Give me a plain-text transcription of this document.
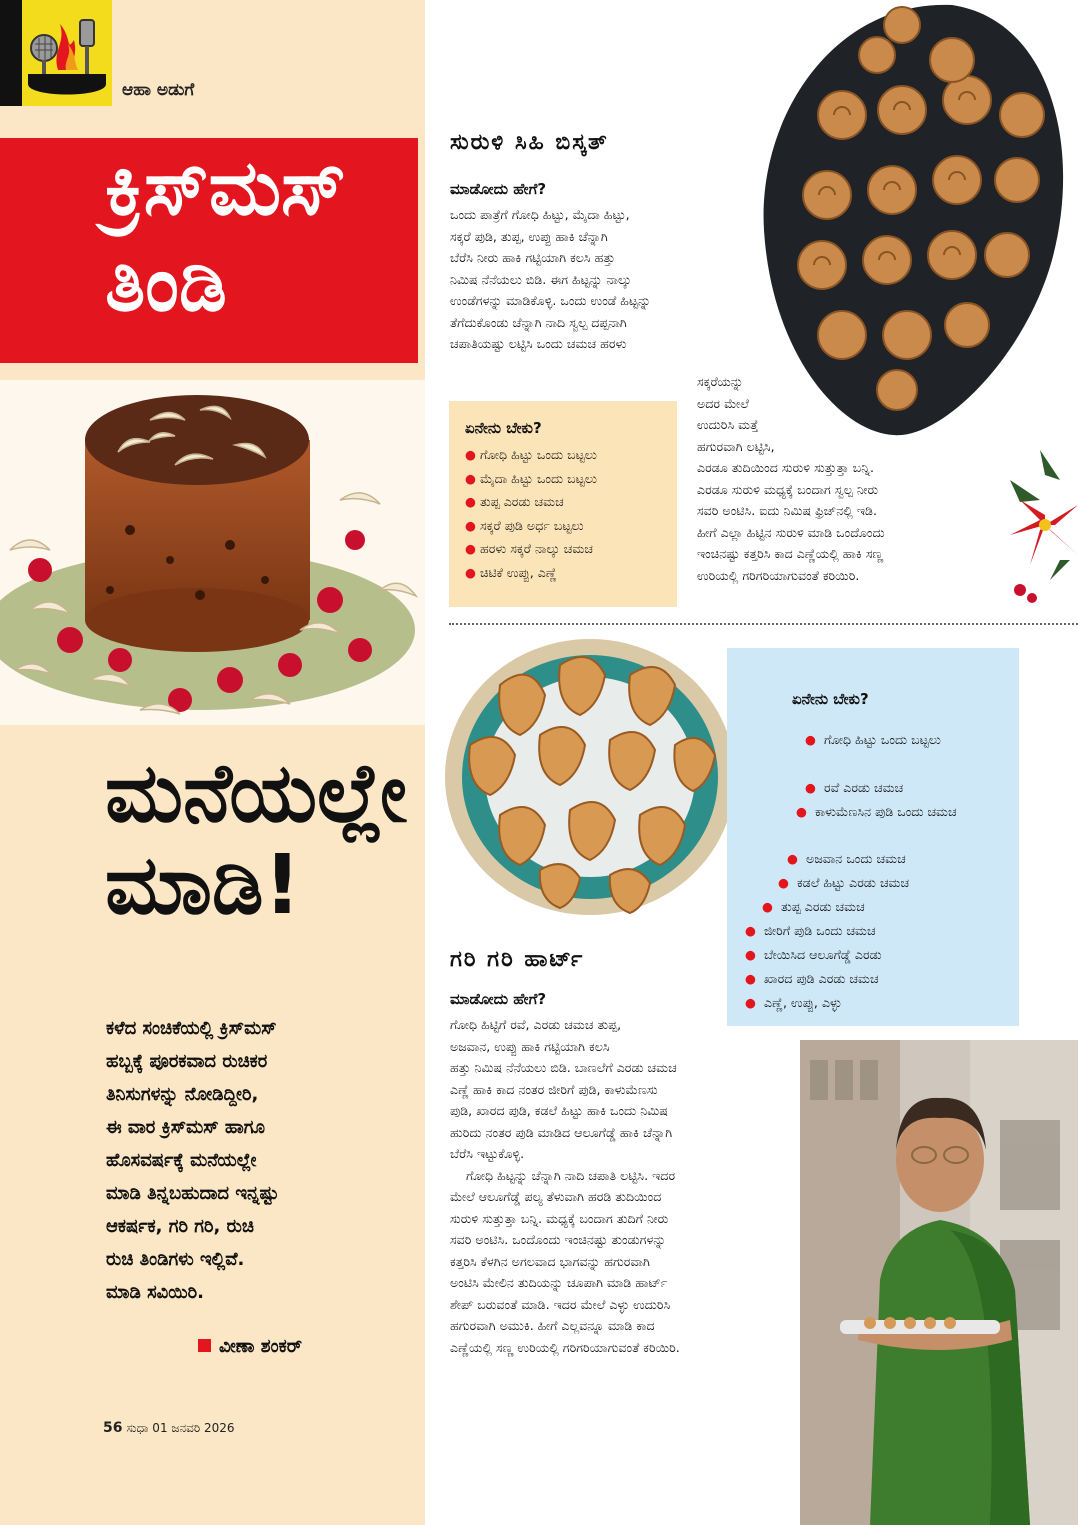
ಆಹಾ ಅಡುಗೆ
ಕ್ರಿಸ್‌ಮಸ್
ತಿಂಡಿ
ಮನೆಯಲ್ಲೇ
ಮಾಡಿ!
ಕಳೆದ ಸಂಚಿಕೆಯಲ್ಲಿ ಕ್ರಿಸ್‌ಮಸ್
ಹಬ್ಬಕ್ಕೆ ಪೂರಕವಾದ ರುಚಿಕರ
ತಿನಿಸುಗಳನ್ನು ನೋಡಿದ್ದೀರಿ,
ಈ ವಾರ ಕ್ರಿಸ್‌ಮಸ್ ಹಾಗೂ
ಹೊಸವರ್ಷಕ್ಕೆ ಮನೆಯಲ್ಲೇ
ಮಾಡಿ ತಿನ್ನಬಹುದಾದ ಇನ್ನಷ್ಟು
ಆಕರ್ಷಕ, ಗರಿ ಗರಿ, ರುಚಿ
ರುಚಿ ತಿಂಡಿಗಳು ಇಲ್ಲಿವೆ.
ಮಾಡಿ ಸವಿಯಿರಿ.
ವೀಣಾ ಶಂಕರ್
56 ಸುಧಾ 01 ಜನವರಿ 2026
ಸುರುಳಿ ಸಿಹಿ ಬಿಸ್ಕತ್
ಮಾಡೋದು ಹೇಗೆ?
ಒಂದು ಪಾತ್ರೆಗೆ ಗೋಧಿ ಹಿಟ್ಟು, ಮೈದಾ ಹಿಟ್ಟು,
ಸಕ್ಕರೆ ಪುಡಿ, ತುಪ್ಪ, ಉಪ್ಪು ಹಾಕಿ ಚೆನ್ನಾಗಿ
ಬೆರೆಸಿ ನೀರು ಹಾಕಿ ಗಟ್ಟಿಯಾಗಿ ಕಲಸಿ ಹತ್ತು
ನಿಮಿಷ ನೆನೆಯಲು ಬಿಡಿ. ಈಗ ಹಿಟ್ಟನ್ನು ನಾಲ್ಕು
ಉಂಡೆಗಳನ್ನು ಮಾಡಿಕೊಳ್ಳಿ. ಒಂದು ಉಂಡೆ ಹಿಟ್ಟನ್ನು
ತೆಗೆದುಕೊಂಡು ಚೆನ್ನಾಗಿ ನಾದಿ ಸ್ವಲ್ಪ ದಪ್ಪನಾಗಿ
ಚಪಾತಿಯಷ್ಟು ಲಟ್ಟಿಸಿ ಒಂದು ಚಮಚ ಹರಳು
ಸಕ್ಕರೆಯನ್ನು
ಅದರ ಮೇಲೆ
ಉದುರಿಸಿ ಮತ್ತೆ
ಹಗುರವಾಗಿ ಲಟ್ಟಿಸಿ,
ಎರಡೂ ತುದಿಯಿಂದ ಸುರುಳಿ ಸುತ್ತುತ್ತಾ ಬನ್ನಿ.
ಎರಡೂ ಸುರುಳಿ ಮಧ್ಯಕ್ಕೆ ಬಂದಾಗ ಸ್ವಲ್ಪ ನೀರು
ಸವರಿ ಅಂಟಿಸಿ. ಐದು ನಿಮಿಷ ಫ್ರಿಜ್‌ನಲ್ಲಿ ಇಡಿ.
ಹೀಗೆ ಎಲ್ಲಾ ಹಿಟ್ಟಿನ ಸುರುಳಿ ಮಾಡಿ ಒಂದೊಂದು
ಇಂಚಿನಷ್ಟು ಕತ್ತರಿಸಿ ಕಾದ ಎಣ್ಣೆಯಲ್ಲಿ ಹಾಕಿ ಸಣ್ಣ
ಉರಿಯಲ್ಲಿ ಗರಿಗರಿಯಾಗುವಂತೆ ಕರಿಯಿರಿ.
ಏನೇನು ಬೇಕು?
● ಗೋಧಿ ಹಿಟ್ಟು ಒಂದು ಬಟ್ಟಲು
● ಮೈದಾ ಹಿಟ್ಟು ಒಂದು ಬಟ್ಟಲು
● ತುಪ್ಪ ಎರಡು ಚಮಚ
● ಸಕ್ಕರೆ ಪುಡಿ ಅರ್ಧ ಬಟ್ಟಲು
● ಹರಳು ಸಕ್ಕರೆ ನಾಲ್ಕು ಚಮಚ
● ಚಿಟಿಕೆ ಉಪ್ಪು, ಎಣ್ಣೆ
ಏನೇನು ಬೇಕು?
● ಗೋಧಿ ಹಿಟ್ಟು ಒಂದು ಬಟ್ಟಲು
● ರವೆ ಎರಡು ಚಮಚ
● ಕಾಳುಮೆಣಸಿನ ಪುಡಿ ಒಂದು ಚಮಚ
● ಅಜವಾನ ಒಂದು ಚಮಚ
● ಕಡಲೆ ಹಿಟ್ಟು ಎರಡು ಚಮಚ
● ತುಪ್ಪ ಎರಡು ಚಮಚ
● ಜೀರಿಗೆ ಪುಡಿ ಒಂದು ಚಮಚ
● ಬೇಯಿಸಿದ ಆಲೂಗೆಡ್ಡೆ ಎರಡು
● ಖಾರದ ಪುಡಿ ಎರಡು ಚಮಚ
● ಎಣ್ಣೆ, ಉಪ್ಪು, ಎಳ್ಳು
ಗರಿ ಗರಿ ಹಾರ್ಟ್
ಮಾಡೋದು ಹೇಗೆ?
ಗೋಧಿ ಹಿಟ್ಟಿಗೆ ರವೆ, ಎರಡು ಚಮಚ ತುಪ್ಪ,
ಅಜವಾನ, ಉಪ್ಪು ಹಾಕಿ ಗಟ್ಟಿಯಾಗಿ ಕಲಸಿ
ಹತ್ತು ನಿಮಿಷ ನೆನೆಯಲು ಬಿಡಿ. ಬಾಣಲೆಗೆ ಎರಡು ಚಮಚ
ಎಣ್ಣೆ ಹಾಕಿ ಕಾದ ನಂತರ ಜೀರಿಗೆ ಪುಡಿ, ಕಾಳುಮೆಣಸು
ಪುಡಿ, ಖಾರದ ಪುಡಿ, ಕಡಲೆ ಹಿಟ್ಟು ಹಾಕಿ ಒಂದು ನಿಮಿಷ
ಹುರಿದು ನಂತರ ಪುಡಿ ಮಾಡಿದ ಆಲೂಗೆಡ್ಡೆ ಹಾಕಿ ಚೆನ್ನಾಗಿ
ಬೆರೆಸಿ ಇಟ್ಟುಕೊಳ್ಳಿ.
ಗೋಧಿ ಹಿಟ್ಟನ್ನು ಚೆನ್ನಾಗಿ ನಾದಿ ಚಪಾತಿ ಲಟ್ಟಿಸಿ. ಇದರ
ಮೇಲೆ ಆಲೂಗೆಡ್ಡೆ ಪಲ್ಯ ತೆಳುವಾಗಿ ಹರಡಿ ತುದಿಯಿಂದ
ಸುರುಳಿ ಸುತ್ತುತ್ತಾ ಬನ್ನಿ. ಮಧ್ಯಕ್ಕೆ ಬಂದಾಗ ತುದಿಗೆ ನೀರು
ಸವರಿ ಅಂಟಿಸಿ. ಒಂದೊಂದು ಇಂಚಿನಷ್ಟು ತುಂಡುಗಳನ್ನು
ಕತ್ತರಿಸಿ ಕೆಳಗಿನ ಅಗಲವಾದ ಭಾಗವನ್ನು ಹಗುರವಾಗಿ
ಅಂಟಿಸಿ ಮೇಲಿನ ತುದಿಯನ್ನು ಚೂಪಾಗಿ ಮಾಡಿ ಹಾರ್ಟ್
ಶೇಪ್ ಬರುವಂತೆ ಮಾಡಿ. ಇದರ ಮೇಲೆ ಎಳ್ಳು ಉದುರಿಸಿ
ಹಗುರವಾಗಿ ಅಮುಕಿ. ಹೀಗೆ ಎಲ್ಲವನ್ನೂ ಮಾಡಿ ಕಾದ
ಎಣ್ಣೆಯಲ್ಲಿ ಸಣ್ಣ ಉರಿಯಲ್ಲಿ ಗರಿಗರಿಯಾಗುವಂತೆ ಕರಿಯಿರಿ.
